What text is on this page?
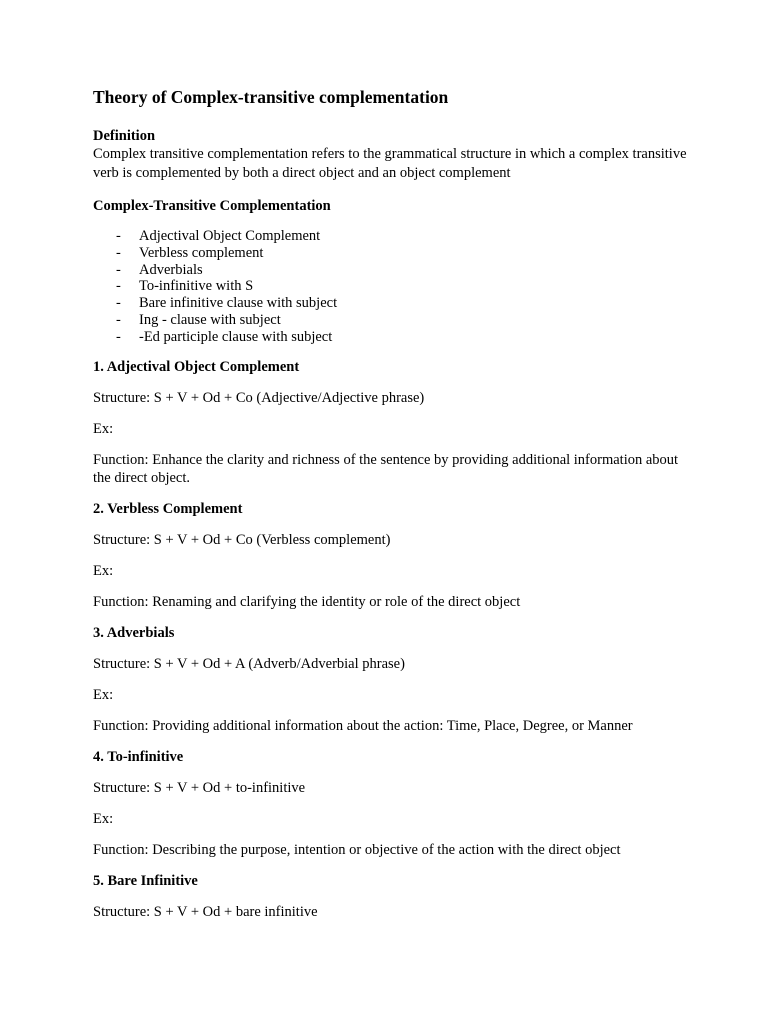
Theory of Complex-transitive complementation

Definition

Complex transitive complementation refers to the grammatical structure in which a complex transitive verb is complemented by both a direct object and an object complement

Complex-Transitive Complementation

- Adjectival Object Complement
- Verbless complement
- Adverbials
- To-infinitive with S
- Bare infinitive clause with subject
- Ing - clause with subject
- -Ed participle clause with subject

1. Adjectival Object Complement

Structure: S + V + Od + Co (Adjective/Adjective phrase)

Ex:

Function: Enhance the clarity and richness of the sentence by providing additional information about the direct object.

2. Verbless Complement

Structure: S + V + Od + Co (Verbless complement)

Ex:

Function: Renaming and clarifying the identity or role of the direct object

3. Adverbials

Structure: S + V + Od + A (Adverb/Adverbial phrase)

Ex:

Function: Providing additional information about the action: Time, Place, Degree, or Manner

4. To-infinitive

Structure: S + V + Od + to-infinitive

Ex:

Function: Describing the purpose, intention or objective of the action with the direct object

5. Bare Infinitive

Structure: S + V + Od + bare infinitive
